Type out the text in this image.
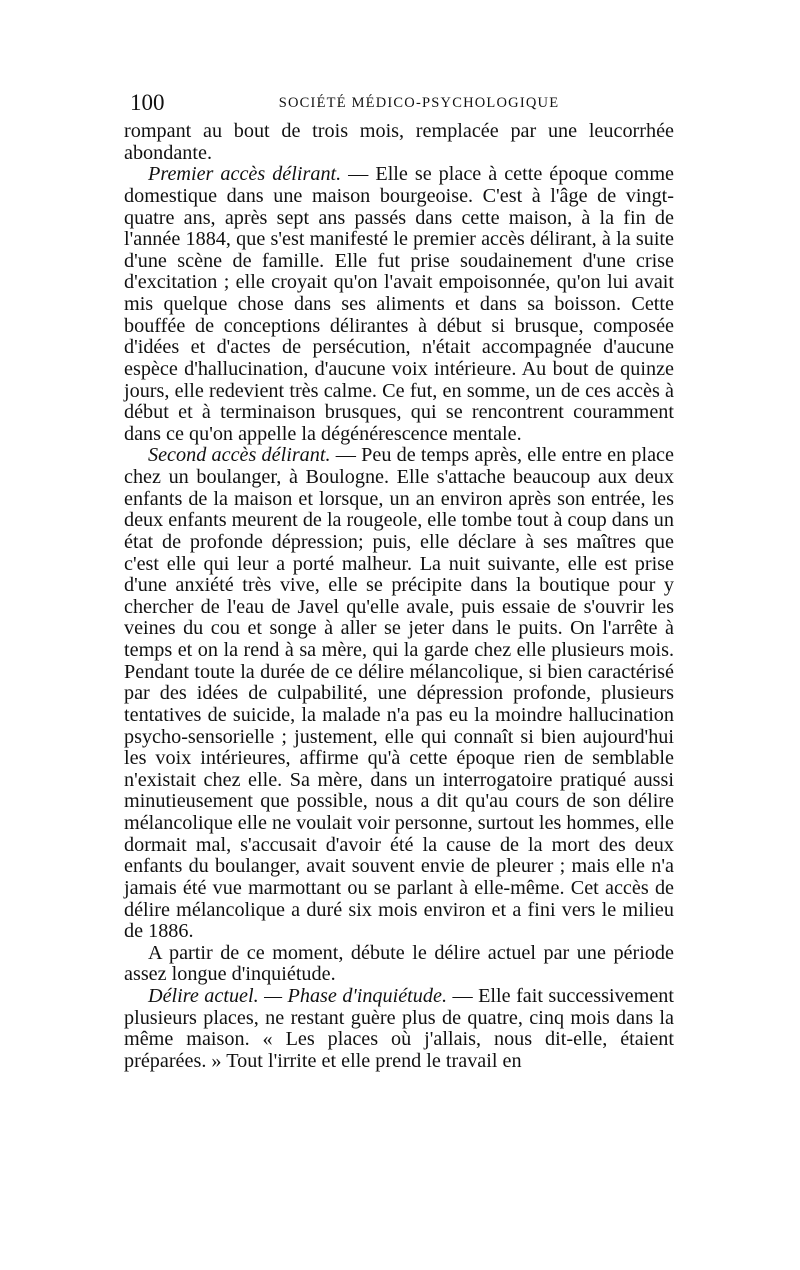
100	SOCIÉTÉ MÉDICO-PSYCHOLOGIQUE

rompant au bout de trois mois, remplacée par une leucorrhée abondante.

Premier accès délirant. — Elle se place à cette époque comme domestique dans une maison bourgeoise. C'est à l'âge de vingt-quatre ans, après sept ans passés dans cette maison, à la fin de l'année 1884, que s'est manifesté le premier accès délirant, à la suite d'une scène de famille. Elle fut prise soudainement d'une crise d'excitation ; elle croyait qu'on l'avait empoisonnée, qu'on lui avait mis quelque chose dans ses aliments et dans sa boisson. Cette bouffée de conceptions délirantes à début si brusque, composée d'idées et d'actes de persécution, n'était accompagnée d'aucune espèce d'hallucination, d'aucune voix intérieure. Au bout de quinze jours, elle redevient très calme. Ce fut, en somme, un de ces accès à début et à terminaison brusques, qui se rencontrent couramment dans ce qu'on appelle la dégénérescence mentale.

Second accès délirant. — Peu de temps après, elle entre en place chez un boulanger, à Boulogne. Elle s'attache beaucoup aux deux enfants de la maison et lorsque, un an environ après son entrée, les deux enfants meurent de la rougeole, elle tombe tout à coup dans un état de profonde dépression; puis, elle déclare à ses maîtres que c'est elle qui leur a porté malheur. La nuit suivante, elle est prise d'une anxiété très vive, elle se précipite dans la boutique pour y chercher de l'eau de Javel qu'elle avale, puis essaie de s'ouvrir les veines du cou et songe à aller se jeter dans le puits. On l'arrête à temps et on la rend à sa mère, qui la garde chez elle plusieurs mois. Pendant toute la durée de ce délire mélancolique, si bien caractérisé par des idées de culpabilité, une dépression profonde, plusieurs tentatives de suicide, la malade n'a pas eu la moindre hallucination psycho-sensorielle ; justement, elle qui connaît si bien aujourd'hui les voix intérieures, affirme qu'à cette époque rien de semblable n'existait chez elle. Sa mère, dans un interrogatoire pratiqué aussi minutieusement que possible, nous a dit qu'au cours de son délire mélancolique elle ne voulait voir personne, surtout les hommes, elle dormait mal, s'accusait d'avoir été la cause de la mort des deux enfants du boulanger, avait souvent envie de pleurer ; mais elle n'a jamais été vue marmottant ou se parlant à elle-même. Cet accès de délire mélancolique a duré six mois environ et a fini vers le milieu de 1886.

A partir de ce moment, débute le délire actuel par une période assez longue d'inquiétude.

Délire actuel. — Phase d'inquiétude. — Elle fait successivement plusieurs places, ne restant guère plus de quatre, cinq mois dans la même maison. « Les places où j'allais, nous dit-elle, étaient préparées. » Tout l'irrite et elle prend le travail en
